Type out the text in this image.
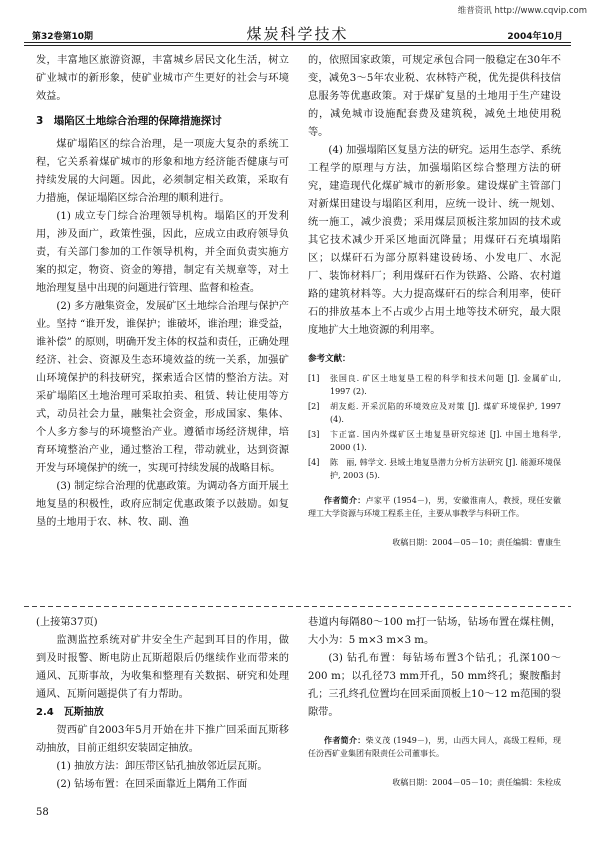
维普资讯 http://www.cqvip.com
第32卷第10期	煤炭科学技术	2004年10月

发，丰富地区旅游资源，丰富城乡居民文化生活，树立矿业城市的新形象，使矿业城市产生更好的社会与环境效益。

3　塌陷区土地综合治理的保障措施探讨

煤矿塌陷区的综合治理，是一项庞大复杂的系统工程，它关系着煤矿城市的形象和地方经济能否健康与可持续发展的大问题。因此，必须制定相关政策，采取有力措施，保证塌陷区综合治理的顺利进行。

(1) 成立专门综合治理领导机构。塌陷区的开发利用，涉及面广，政策性强，因此，应成立由政府领导负责，有关部门参加的工作领导机构，并全面负责实施方案的拟定，物资、资金的筹措，制定有关规章等，对土地治理复垦中出现的问题进行管理、监督和检查。

(2) 多方融集资金，发展矿区土地综合治理与保护产业。坚持 “谁开发，谁保护；谁破坏，谁治理；谁受益，谁补偿” 的原则，明确开发主体的权益和责任，正确处理经济、社会、资源及生态环境效益的统一关系，加强矿山环境保护的科技研究，探索适合区情的整治方法。对采矿塌陷区土地治理可采取拍卖、租赁、转让使用等方式，动员社会力量，融集社会资金，形成国家、集体、个人多方参与的环境整治产业。遵循市场经济规律，培育环境整治产业，通过整治工程，带动就业，达到资源开发与环境保护的统一，实现可持续发展的战略目标。

(3) 制定综合治理的优惠政策。为调动各方面开展土地复垦的积极性，政府应制定优惠政策予以鼓励。如复垦的土地用于农、林、牧、副、渔

的，依照国家政策，可规定承包合同一般稳定在30年不变，减免3～5年农业税、农林特产税，优先提供科技信息服务等优惠政策。对于煤矿复垦的土地用于生产建设的，减免城市设施配套费及建筑税，减免土地使用税等。

(4) 加强塌陷区复垦方法的研究。运用生态学、系统工程学的原理与方法，加强塌陷区综合整理方法的研究，建造现代化煤矿城市的新形象。建设煤矿主管部门对新煤田建设与塌陷区利用，应统一设计、统一规划、统一施工，减少浪费；采用煤层顶板注浆加固的技术或其它技术减少开采区地面沉降量；用煤矸石充填塌陷区；以煤矸石为部分原料建设砖场、小发电厂、水泥厂、装饰材料厂；利用煤矸石作为铁路、公路、农村道路的建筑材料等。大力提高煤矸石的综合利用率，使矸石的排放基本上不占或少占用土地等技术研究，最大限度地扩大土地资源的利用率。

参考文献：

[1]	张国良. 矿区土地复垦工程的科学和技术问题 [J]. 金属矿山, 1997 (2).
[2]	胡友彪. 开采沉陷的环境效应及对策 [J]. 煤矿环境保护, 1997 (4).
[3]	卞正富. 国内外煤矿区土地复垦研究综述 [J]. 中国土地科学, 2000 (1).
[4]	陈　丽, 韩学文. 县域土地复垦潜力分析方法研究 [J]. 能源环境保护, 2003 (5).

作者简介：卢家平 (1954－)，男，安徽淮南人，教授，现任安徽理工大学资源与环境工程系主任，主要从事教学与科研工作。

收稿日期：2004－05－10；责任编辑：曹康生

(上接第37页)

监测监控系统对矿井安全生产起到耳目的作用，做到及时报警、断电防止瓦斯超限后仍继续作业而带来的通风、瓦斯事故，为收集和整理有关数据、研究和处理通风、瓦斯问题提供了有力帮助。

2.4　瓦斯抽放

贺西矿自2003年5月开始在井下推广回采面瓦斯移动抽放，目前正组织安装固定抽放。

(1) 抽放方法：卸压带区钻孔抽放邻近层瓦斯。

(2) 钻场布置：在回采面靠近上隅角工作面

巷道内每隔80～100 m打一钻场，钻场布置在煤柱侧，大小为：5 m×3 m×3 m。

(3) 钻孔布置：每钻场布置3个钻孔；孔深100～200 m；以孔径73 mm开孔，50 mm终孔；聚胺酯封孔；三孔终孔位置均在回采面顶板上10～12 m范围的裂隙带。

作者简介：柴义茂 (1949－)，男，山西大同人，高级工程师，现任汾西矿业集团有限责任公司董事长。

收稿日期：2004－05－10；责任编辑：朱栓成

58
